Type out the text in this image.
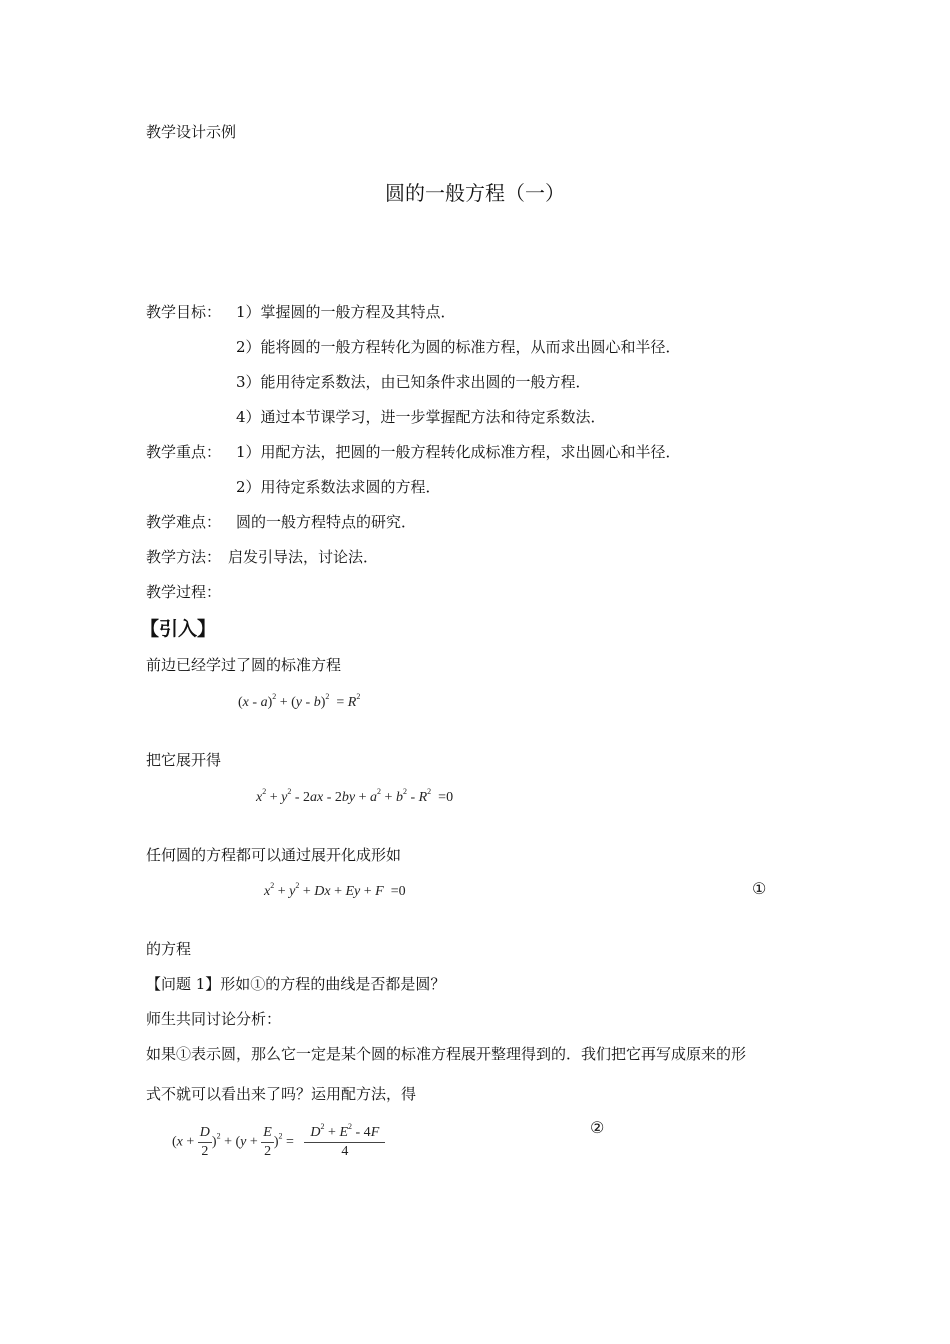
教学设计示例
圆的一般方程（一）
教学目标： 1）掌握圆的一般方程及其特点．
2）能将圆的一般方程转化为圆的标准方程，从而求出圆心和半径．
3）能用待定系数法，由已知条件求出圆的一般方程．
4）通过本节课学习，进一步掌握配方法和待定系数法．
教学重点： 1）用配方法，把圆的一般方程转化成标准方程，求出圆心和半径．
2）用待定系数法求圆的方程．
教学难点： 圆的一般方程特点的研究．
教学方法： 启发引导法，讨论法．
教学过程：
【引入】
前边已经学过了圆的标准方程
$(x - a)^2 + (y - b)^2 = R^2$
把它展开得
$x^2 + y^2 - 2ax - 2by + a^2 + b^2 - R^2 =0$
任何圆的方程都可以通过展开化成形如
$x^2 + y^2 + Dx + Ey + F =0$	①
的方程
【问题 1】形如①的方程的曲线是否都是圆？
师生共同讨论分析：
如果①表示圆，那么它一定是某个圆的标准方程展开整理得到的．我们把它再写成原来的形
式不就可以看出来了吗？运用配方法，得
$(x + \frac{D}{2} )^2 + (y + \frac{E}{2} )^2 = \frac{D^2 + E^2 - 4F}{4}$	②
